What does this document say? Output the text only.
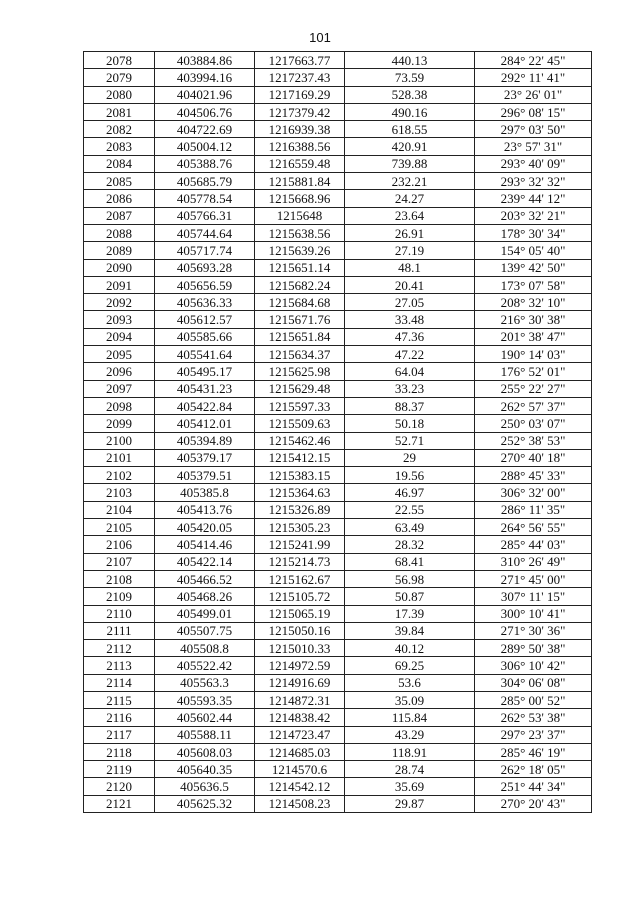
101
2078	403884.86	1217663.77	440.13	284° 22' 45"
2079	403994.16	1217237.43	73.59	292° 11' 41"
2080	404021.96	1217169.29	528.38	23° 26' 01"
2081	404506.76	1217379.42	490.16	296° 08' 15"
2082	404722.69	1216939.38	618.55	297° 03' 50"
2083	405004.12	1216388.56	420.91	23° 57' 31"
2084	405388.76	1216559.48	739.88	293° 40' 09"
2085	405685.79	1215881.84	232.21	293° 32' 32"
2086	405778.54	1215668.96	24.27	239° 44' 12"
2087	405766.31	1215648	23.64	203° 32' 21"
2088	405744.64	1215638.56	26.91	178° 30' 34"
2089	405717.74	1215639.26	27.19	154° 05' 40"
2090	405693.28	1215651.14	48.1	139° 42' 50"
2091	405656.59	1215682.24	20.41	173° 07' 58"
2092	405636.33	1215684.68	27.05	208° 32' 10"
2093	405612.57	1215671.76	33.48	216° 30' 38"
2094	405585.66	1215651.84	47.36	201° 38' 47"
2095	405541.64	1215634.37	47.22	190° 14' 03"
2096	405495.17	1215625.98	64.04	176° 52' 01"
2097	405431.23	1215629.48	33.23	255° 22' 27"
2098	405422.84	1215597.33	88.37	262° 57' 37"
2099	405412.01	1215509.63	50.18	250° 03' 07"
2100	405394.89	1215462.46	52.71	252° 38' 53"
2101	405379.17	1215412.15	29	270° 40' 18"
2102	405379.51	1215383.15	19.56	288° 45' 33"
2103	405385.8	1215364.63	46.97	306° 32' 00"
2104	405413.76	1215326.89	22.55	286° 11' 35"
2105	405420.05	1215305.23	63.49	264° 56' 55"
2106	405414.46	1215241.99	28.32	285° 44' 03"
2107	405422.14	1215214.73	68.41	310° 26' 49"
2108	405466.52	1215162.67	56.98	271° 45' 00"
2109	405468.26	1215105.72	50.87	307° 11' 15"
2110	405499.01	1215065.19	17.39	300° 10' 41"
2111	405507.75	1215050.16	39.84	271° 30' 36"
2112	405508.8	1215010.33	40.12	289° 50' 38"
2113	405522.42	1214972.59	69.25	306° 10' 42"
2114	405563.3	1214916.69	53.6	304° 06' 08"
2115	405593.35	1214872.31	35.09	285° 00' 52"
2116	405602.44	1214838.42	115.84	262° 53' 38"
2117	405588.11	1214723.47	43.29	297° 23' 37"
2118	405608.03	1214685.03	118.91	285° 46' 19"
2119	405640.35	1214570.6	28.74	262° 18' 05"
2120	405636.5	1214542.12	35.69	251° 44' 34"
2121	405625.32	1214508.23	29.87	270° 20' 43"
